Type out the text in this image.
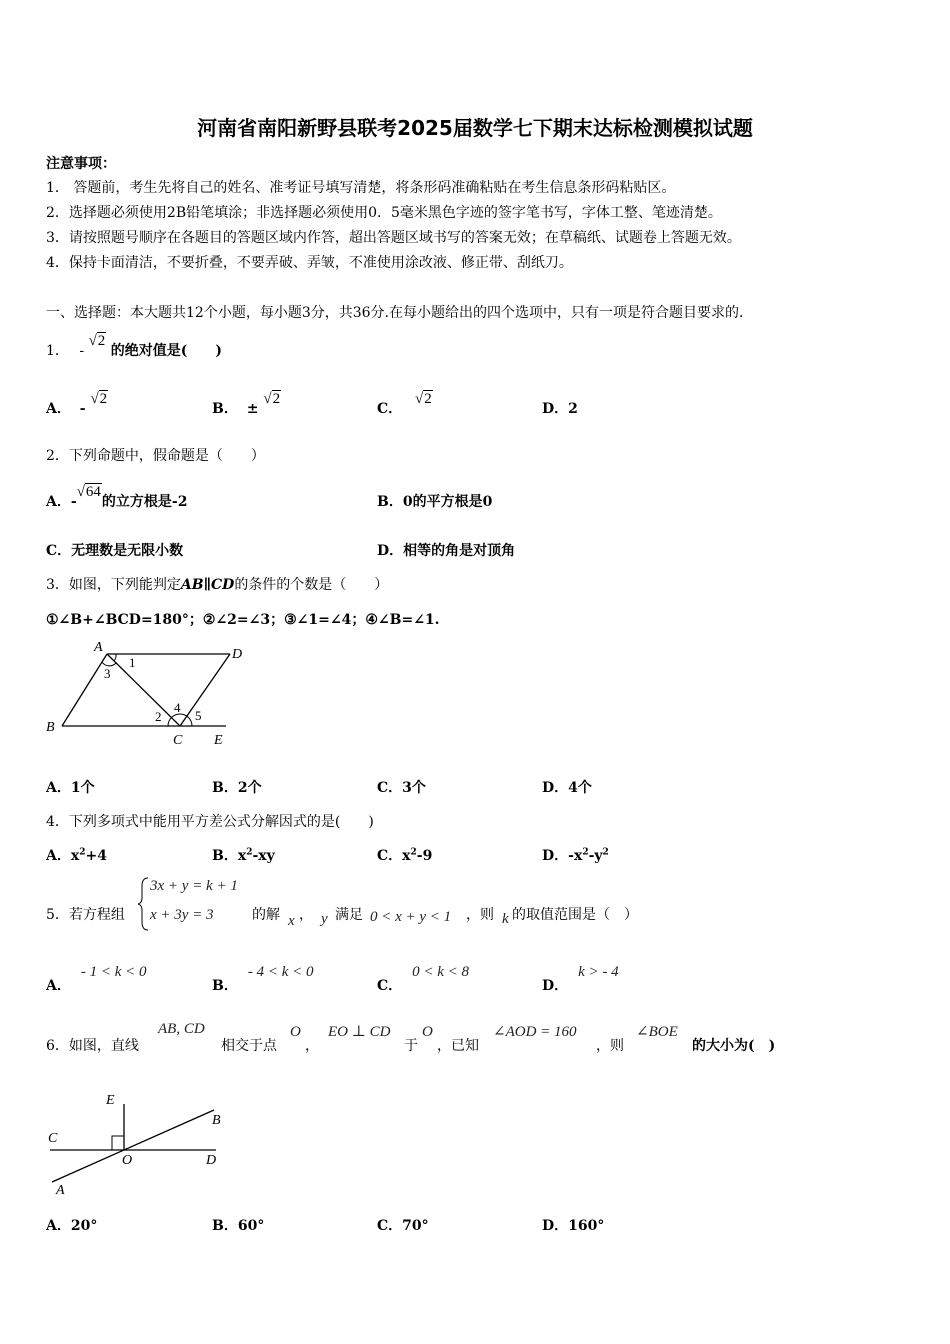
河南省南阳新野县联考2025届数学七下期末达标检测模拟试题
注意事项：
1． 答题前，考生先将自己的姓名、准考证号填写清楚，将条形码准确粘贴在考生信息条形码粘贴区。
2．选择题必须使用2B铅笔填涂；非选择题必须使用0．5毫米黑色字迹的签字笔书写，字体工整、笔迹清楚。
3．请按照题号顺序在各题目的答题区域内作答，超出答题区域书写的答案无效；在草稿纸、试题卷上答题无效。
4．保持卡面清洁，不要折叠，不要弄破、弄皱，不准使用涂改液、修正带、刮纸刀。
一、选择题：本大题共12个小题，每小题3分，共36分.在每小题给出的四个选项中，只有一项是符合题目要求的.
1． - √2 的绝对值是(　　)
A． - √2
B． ± √2
C． √2
D．2
2．下列命题中，假命题是（　　）
A．-√64的立方根是-2	B．0的平方根是0
C．无理数是无限小数	D．相等的角是对顶角
3．如图，下列能判定AB∥CD的条件的个数是（　　）
①∠B+∠BCD=180°；②∠2=∠3；③∠1=∠4；④∠B=∠1.
A	D
B
C E
1
2
3
4
5
A．1个	B．2个	C．3个	D．4个
4．下列多项式中能用平方差公式分解因式的是(　　)
A．$x^2+4$	B．$x^2-xy$	C．$x^2-9$	D．$-x^2-y^2$
5．若方程组
3x + y = k + 1
x + 3y = 3	的解 x ， y 满足 0 < x + y < 1 ，则 k 的取值范围是（　）
A．- 1 < k < 0
B．- 4 < k < 0
C．0 < k < 8
D．k > - 4
6．如图，直线
AB, CD
相交于点
O
，
EO ⊥ CD
于
O
，已知
∠AOD = 160
，则
∠BOE
的大小为(　)
E
B
C
O	D
A
A．20°	B．60°	C．70°	D．160°
